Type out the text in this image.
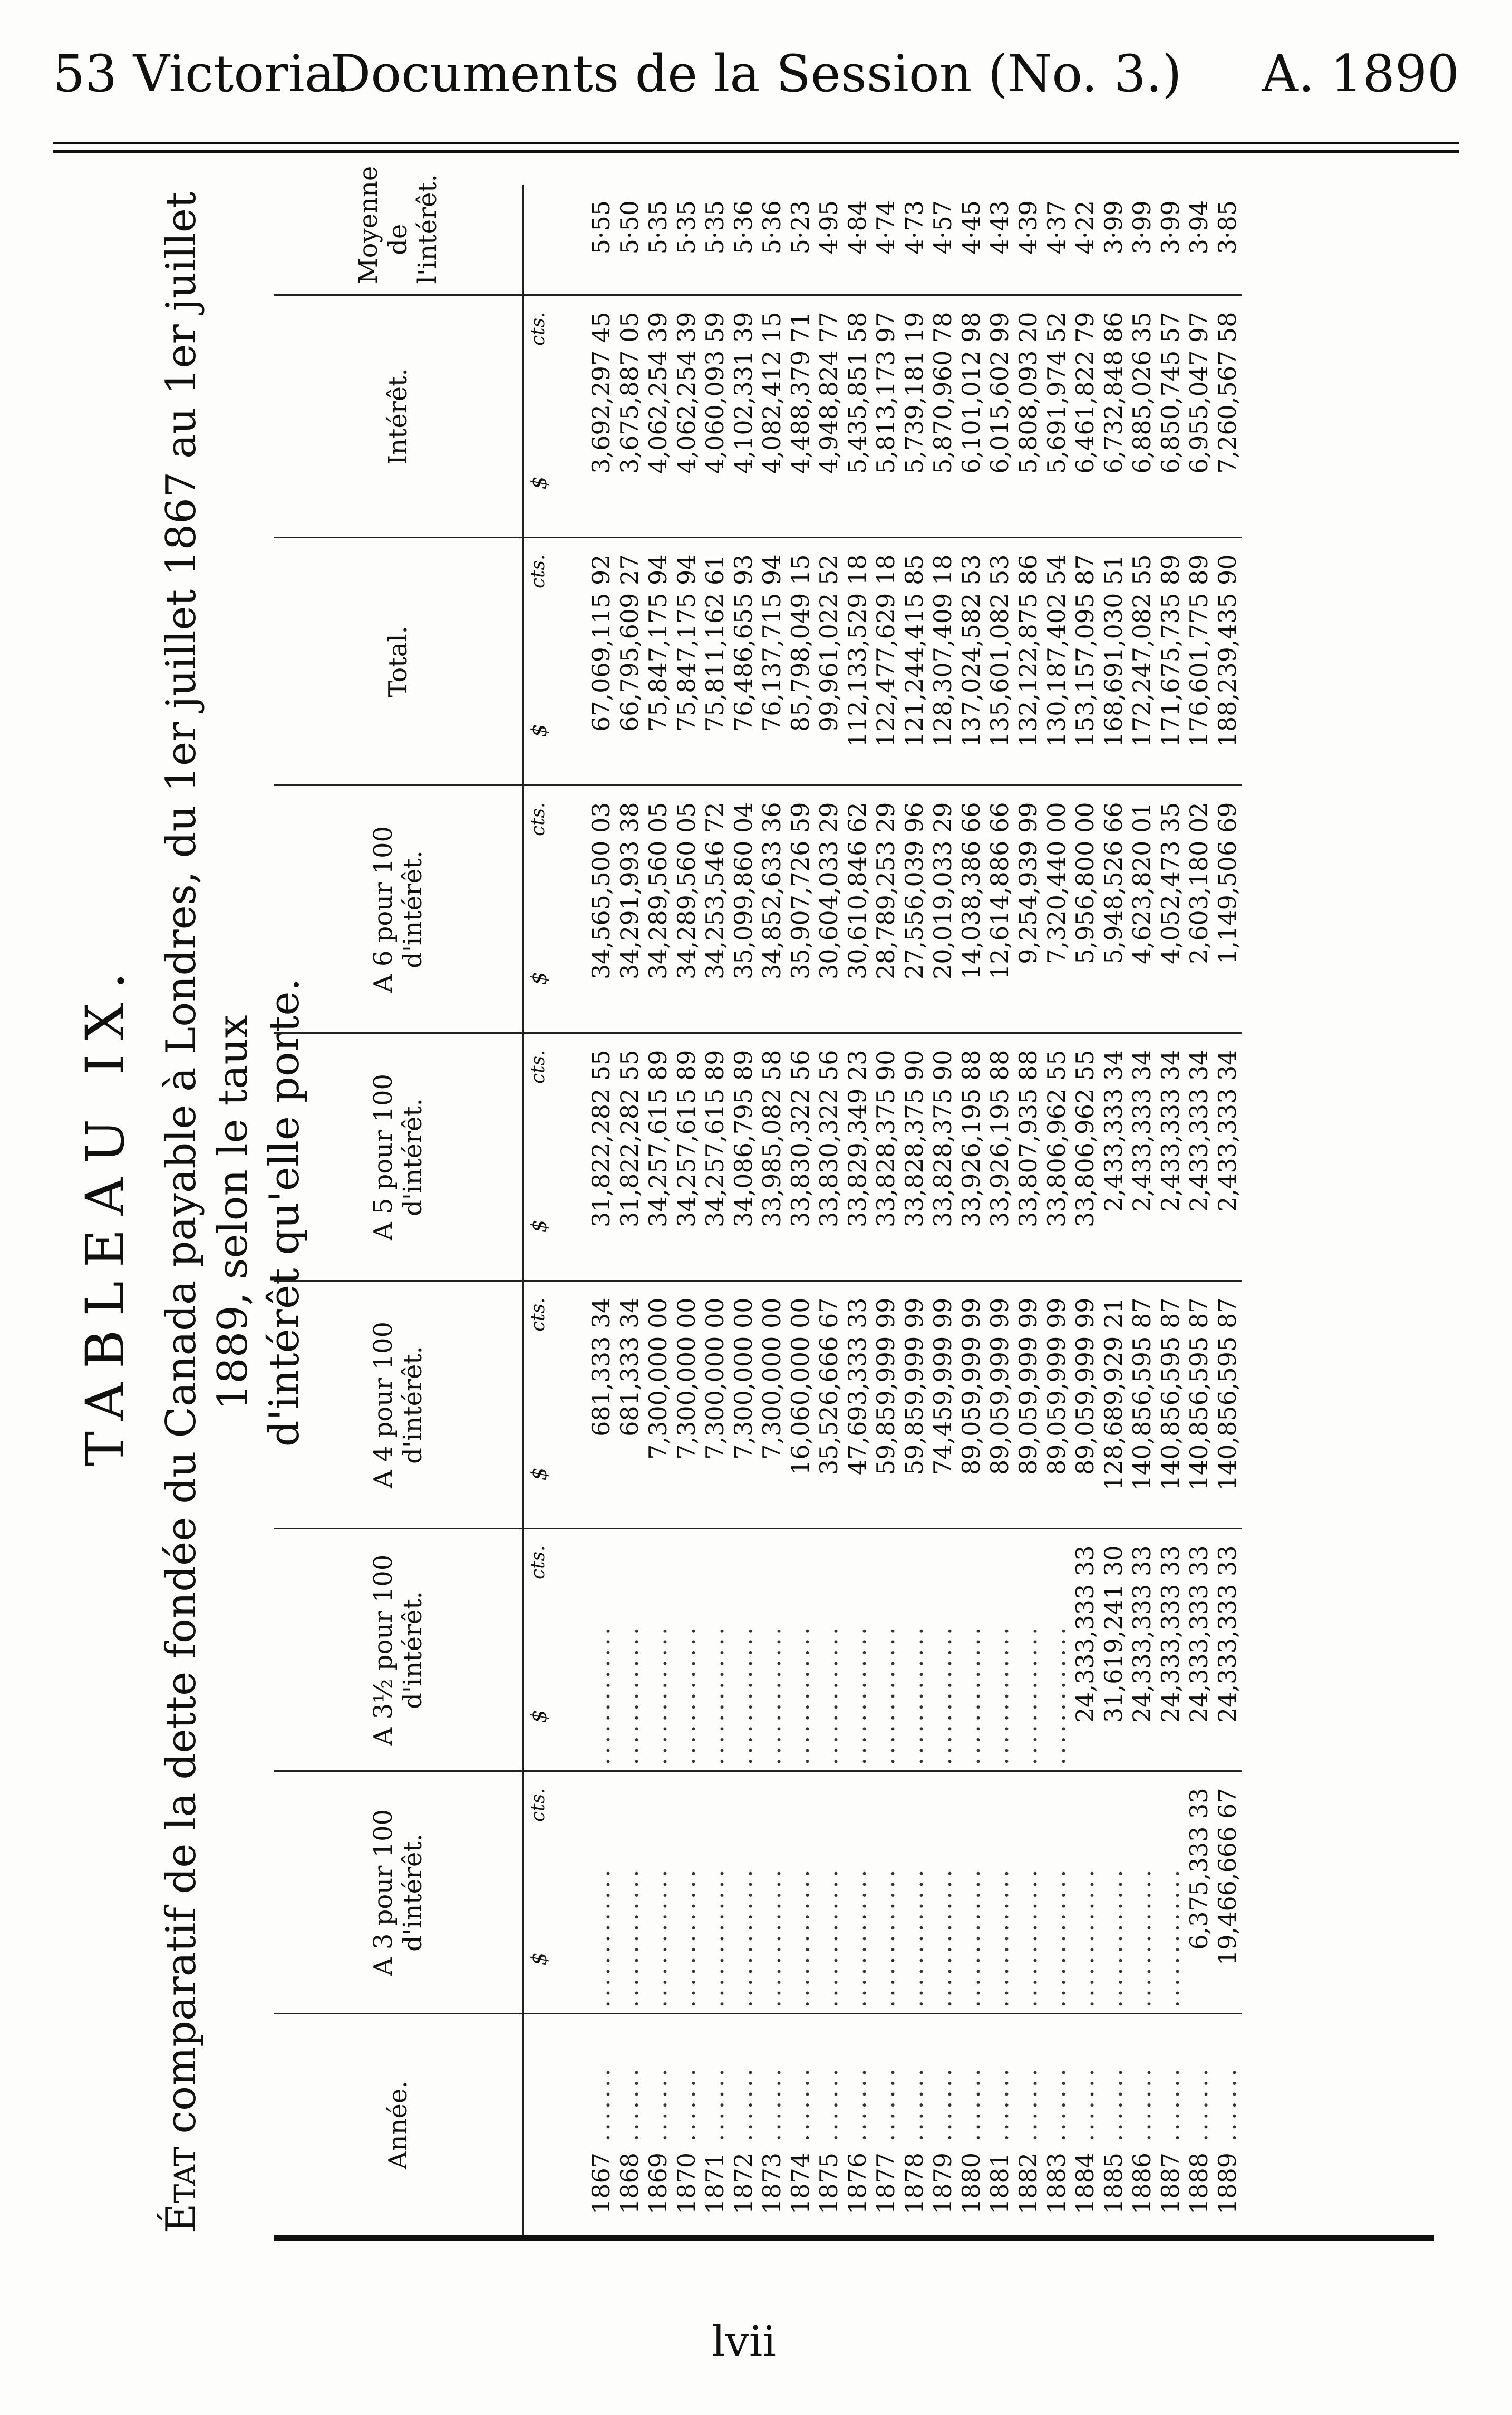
53 Victoria.
Documents de la Session (No. 3.)	A. 1890
TABLEAU IX.
État comparatif de la dette fondée du Canada payable à Londres, du 1er juillet 1867 au 1er juillet 1889, selon le taux d'intérêt qu'elle porte.
Année.	A 3 pour 100 d'intérêt.	A 3½ pour 100 d'intérêt.	A 4 pour 100 d'intérêt.	A 5 pour 100 d'intérêt.	A 6 pour 100 d'intérêt.	Total.	Intérêt.	Moyenne de l'intérêt.

	$
cts.	$
cts.	$
cts.	$
cts.	$
cts.	$
cts.	$
cts.	

1867 .......	.............	.............	681,333 34	31,822,282 55	34,565,500 03	67,069,115 92	3,692,297 45	5·55
1868 .......	.............	.............	681,333 34	31,822,282 55	34,291,993 38	66,795,609 27	3,675,887 05	5·50
1869 .......	.............	.............	7,300,000 00	34,257,615 89	34,289,560 05	75,847,175 94	4,062,254 39	5·35
1870 .......	.............	.............	7,300,000 00	34,257,615 89	34,289,560 05	75,847,175 94	4,062,254 39	5·35
1871 .......	.............	.............	7,300,000 00	34,257,615 89	34,253,546 72	75,811,162 61	4,060,093 59	5·35
1872 .......	.............	.............	7,300,000 00	34,086,795 89	35,099,860 04	76,486,655 93	4,102,331 39	5·36
1873 .......	.............	.............	7,300,000 00	33,985,082 58	34,852,633 36	76,137,715 94	4,082,412 15	5·36
1874 .......	.............	.............	16,060,000 00	33,830,322 56	35,907,726 59	85,798,049 15	4,488,379 71	5·23
1875 .......	.............	.............	35,526,666 67	33,830,322 56	30,604,033 29	99,961,022 52	4,948,824 77	4·95
1876 .......	.............	.............	47,693,333 33	33,829,349 23	30,610,846 62	112,133,529 18	5,435,851 58	4·84
1877 .......	.............	.............	59,859,999 99	33,828,375 90	28,789,253 29	122,477,629 18	5,813,173 97	4·74
1878 .......	.............	.............	59,859,999 99	33,828,375 90	27,556,039 96	121,244,415 85	5,739,181 19	4·73
1879 .......	.............	.............	74,459,999 99	33,828,375 90	20,019,033 29	128,307,409 18	5,870,960 78	4·57
1880 .......	.............	.............	89,059,999 99	33,926,195 88	14,038,386 66	137,024,582 53	6,101,012 98	4·45
1881 .......	.............	.............	89,059,999 99	33,926,195 88	12,614,886 66	135,601,082 53	6,015,602 99	4·43
1882 .......	.............	.............	89,059,999 99	33,807,935 88	9,254,939 99	132,122,875 86	5,808,093 20	4·39
1883 .......	.............	.............	89,059,999 99	33,806,962 55	7,320,440 00	130,187,402 54	5,691,974 52	4·37
1884 .......	.............	24,333,333 33	89,059,999 99	33,806,962 55	5,956,800 00	153,157,095 87	6,461,822 79	4·22
1885 .......	.............	31,619,241 30	128,689,929 21	2,433,333 34	5,948,526 66	168,691,030 51	6,732,848 86	3·99
1886 .......	.............	24,333,333 33	140,856,595 87	2,433,333 34	4,623,820 01	172,247,082 55	6,885,026 35	3·99
1887 .......	.............	24,333,333 33	140,856,595 87	2,433,333 34	4,052,473 35	171,675,735 89	6,850,745 57	3·99
1888 .......	6,375,333 33	24,333,333 33	140,856,595 87	2,433,333 34	2,603,180 02	176,601,775 89	6,955,047 97	3·94
1889 .......	19,466,666 67	24,333,333 33	140,856,595 87	2,433,333 34	1,149,506 69	188,239,435 90	7,260,567 58	3·85
lvii
